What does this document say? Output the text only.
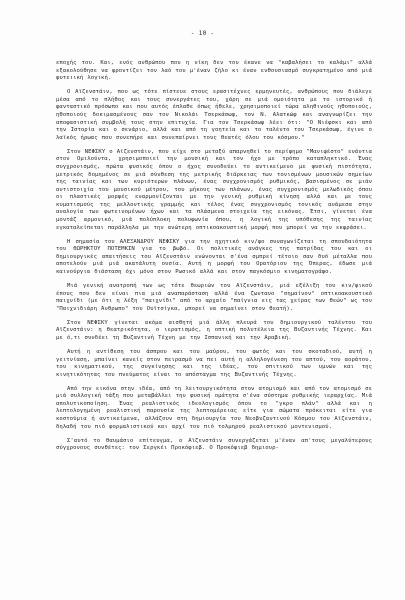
- 10 -

εποχής του. Και, ενός ανθρώπου που η νίκη δεν του έκανε να "καβαλήσει το καλάμι" αλλά εξακολούθησε να φροντίζει τον λαό του μ'έναν ζήλο κι έναν ενθουσιασμό συγκρατημένο από μιά φυτειική λογική.

Ο Αϊζενστάιν, που ως τότε πίστευε στους ερασιτέχνες ερμηνευτές, ανθρώπους που διάλεγε μέσα από το πλήθος και τους συνεργάτες του, χάρη σε μιά ομοιότητα με το ιστορικό ή φανταστικό πρόσωπο και που αυτός έπλαθε όπως ήθελε, χρησιμοποιεί τώρα αληθινούς ηθοποιούς, ηθοποιούς δοκιμασμένους σαν τον Νικολάι Τσερκάσωφ, τον Ν. Αλατκώφ και αναγνωρίζει την αποφασιστική συμβολή τους στην επιτυχία. Για τον Τσερκάσωφ λέει ότι: "Ο Νιέφσκι και από την Ιστορία και ο σενάριο, αλλά και από τη γοητεία και το ταλέντο του Τσερκάσωφ, έγινε ο λαϊκός ήρωας που συνεπήρε και συνεπαίρνει τους θεατές όλου του κόσμου."

Στον ΝΕΦΣΚΥ ο Αϊζενστάιν, που είχε στο μεταξύ απαρνηθεί το περίφημο "Μανιφέστο" ενάντια στον Ομιλούντα, χρησιμοποιεί την μουσική και τον ήχο με τρόπο καταπληκτικό. Ένας συγχρονισμός, πρώτα φυσικός όπου ο ήχος συνοδεύει το αντικείμενο με φυσική πιστότητα, μετρικός δομημένος σε μιά σύνθεση της μετρικής διάρκειας των τονισμένων μουσικών σημείων της ταινίας και των κυριότερων πλάνων, ένας συγχρονισμός ρυθμικός, βασισμένος σε μιάν αντιστοιχία του μουσικού μέτρου, του μήκους των πλάνων, ένας συγχρονισμός μελωδικός όπου οι πλαστικές μορφές εναρμονίζονται με την γενική ρυθμική κίνηση αλλά και με τους κυματισμούς της μελλοντικής γραμμής και τέλος ένας συγχρονισμός τονικός ανάμεσα στην αναλογία των φωτεινομένων ήχων και τα πλάσμενα στοιχεία της εικόνας. Έτσι, γίνεται ένα μοντάζ αρμονικό, μιά πολύπλοκη πολυφωνία όπου, η λογική της υπόθεσης της ταινίας εγκαταλείπεται παράλληλα με την ανώτερη οπτικοακουστική μορφή που μπορεί να την εκφράσει.

Η σημασία του ΑΛΕΞΑΝΔΡΟΥ ΝΕΦΣΚΥ για την ηχητικό κιν/φο συναγωνίζεται τη σπουδαιότητα του ΘΩΡΗΚΤΟΥ ΠΟΤΕΜΚΙΝ για το βωβό. Οι πολιτικές ανάγκες της πατρίδας του και οι δημιουργικές απαιτήσεις του Αϊζενστάιν ενώνονται σ'ένα σμπρεί τέτοιο σαν δυό μέταλλα που αποτελούν μιά μιά ακατάλυτη ουσία. Αυτή η μορφή του Ορατόριου της Όπερας, έδωσε μιά καινούργια διάσταση όχι μόνο στον Ρωσικό αλλά και στον παγκόσμιο κινηματογράφο.

Μιά γενική ανατροπή των ως τότε θεωριών του Αϊζενστάιν, μιά εξέλιξη του κιν/φικού έπους που δεν είναι πια μιά αναπαράσταση αλλά ένα ζωντανο "σημαίνον" οπτικοακουστικό παιχνίδι (με ότι η λέξη "παιχνίδι" από το αρχαίο "παίγνια εις τας χείρας των θεών" ως τον "Παιχνιδιάρη Άνθρωπο" του Ουϊτσίγκα, μπορεί να σημαίνει στον θεατή).

Στον ΝΕΦΣΚΥ γίνεται ακόμα αισθητή μιά άλλη πλευρά του δημιουργικού ταλέντου του Αϊζενστάιν: η θεατρικότητα, ο ιερατισμός, η οπτική πολυτέλεια της Βυζαντινής Τέχνης. Και με ό,τι συνδέει τη Βυζαντινή Τέχνη με την Ισπανική και την Αραβική.

Αυτή η αντίθεση του άσπρου και του μαύρου, του φωτός και του σκοταδιού, αυτή η γειτνίαση, μπαίνει κανείς στον πειρασμό να πει αυτή η αλληλογένεση του απτού, του αοράτου, του κινηματικού, της συγκίνησης και της ιδέας, του σπιτικού των υμνών και της κινητικότητας του πνεύματος είναι το απόσταγμα της Βυζαντινής Τέχνης.

Από την εικόνα στην ιδέα, από τη λειτουργικότητα στον ατομισμό και από τον ατομισμό σε μιά συλλογική τάξη που μεταβάλλει την φυσική ομάτητα σ'ένα σύστημα ρυθμικής ιεραρχίας. Μιά απολυτικοποίηση. Ένας ρεαλιστικός ιδεολογισμός όπου το "γκρο πλάν" αλλά και η λεπτολογημένη ρεαλιστική παρουσία της λεπτομέρειας είτε για σώματα πρόκειται είτε για κοστούμια ή αντικείμενα, αλλάζουν στη δημιουργία του Νεοβυζαντινού Κόσμου του Αϊζενστάιν, δηλαδή του πιό φορμαλιστικού και αρχί του πιό τολμηρού ρεαλιστικού μοντενισμού.

Σ'αυτό το θαυμάσιο επίτευγμα, ο Αϊζενστάιν συνεργάζεται μ'έναν απ'τους μεγαλύτερους σύγχρονους συνθέτες: τον Σεργκέι Προκόφιεβ. Ο Προκόφιεβ δημιουρ-
